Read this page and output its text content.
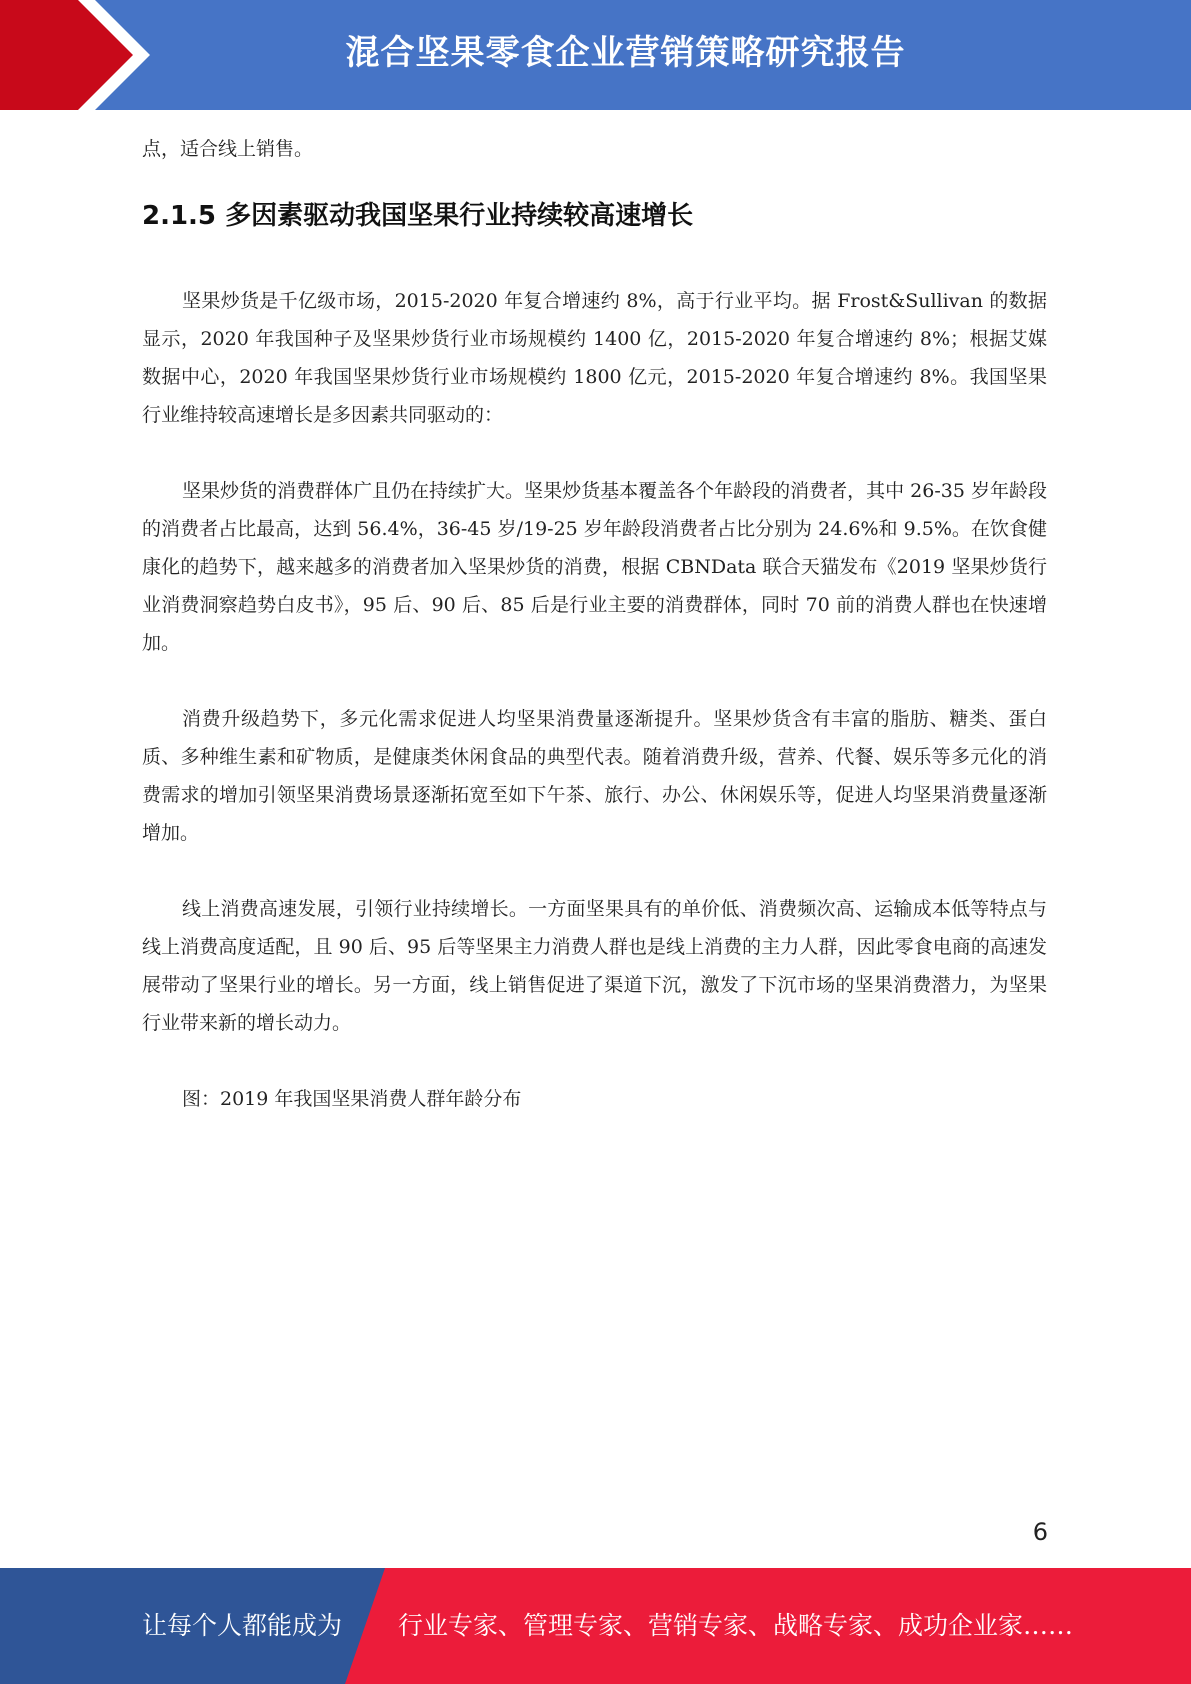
混合坚果零食企业营销策略研究报告

点，适合线上销售。

2.1.5 多因素驱动我国坚果行业持续较高速增长

坚果炒货是千亿级市场，2015-2020 年复合增速约 8%，高于行业平均。据 Frost&Sullivan 的数据显示，2020 年我国种子及坚果炒货行业市场规模约 1400 亿，2015-2020 年复合增速约 8%；根据艾媒数据中心，2020 年我国坚果炒货行业市场规模约 1800 亿元，2015-2020 年复合增速约 8%。我国坚果行业维持较高速增长是多因素共同驱动的：

坚果炒货的消费群体广且仍在持续扩大。坚果炒货基本覆盖各个年龄段的消费者，其中 26-35 岁年龄段的消费者占比最高，达到 56.4%，36-45 岁/19-25 岁年龄段消费者占比分别为 24.6%和 9.5%。在饮食健康化的趋势下，越来越多的消费者加入坚果炒货的消费，根据 CBNData 联合天猫发布《2019 坚果炒货行业消费洞察趋势白皮书》，95 后、90 后、85 后是行业主要的消费群体，同时 70 前的消费人群也在快速增加。

消费升级趋势下，多元化需求促进人均坚果消费量逐渐提升。坚果炒货含有丰富的脂肪、糖类、蛋白质、多种维生素和矿物质，是健康类休闲食品的典型代表。随着消费升级，营养、代餐、娱乐等多元化的消费需求的增加引领坚果消费场景逐渐拓宽至如下午茶、旅行、办公、休闲娱乐等，促进人均坚果消费量逐渐增加。

线上消费高速发展，引领行业持续增长。一方面坚果具有的单价低、消费频次高、运输成本低等特点与线上消费高度适配，且 90 后、95 后等坚果主力消费人群也是线上消费的主力人群，因此零食电商的高速发展带动了坚果行业的增长。另一方面，线上销售促进了渠道下沉，激发了下沉市场的坚果消费潜力，为坚果行业带来新的增长动力。

图：2019 年我国坚果消费人群年龄分布

6
让每个人都能成为 行业专家、管理专家、营销专家、战略专家、成功企业家……
